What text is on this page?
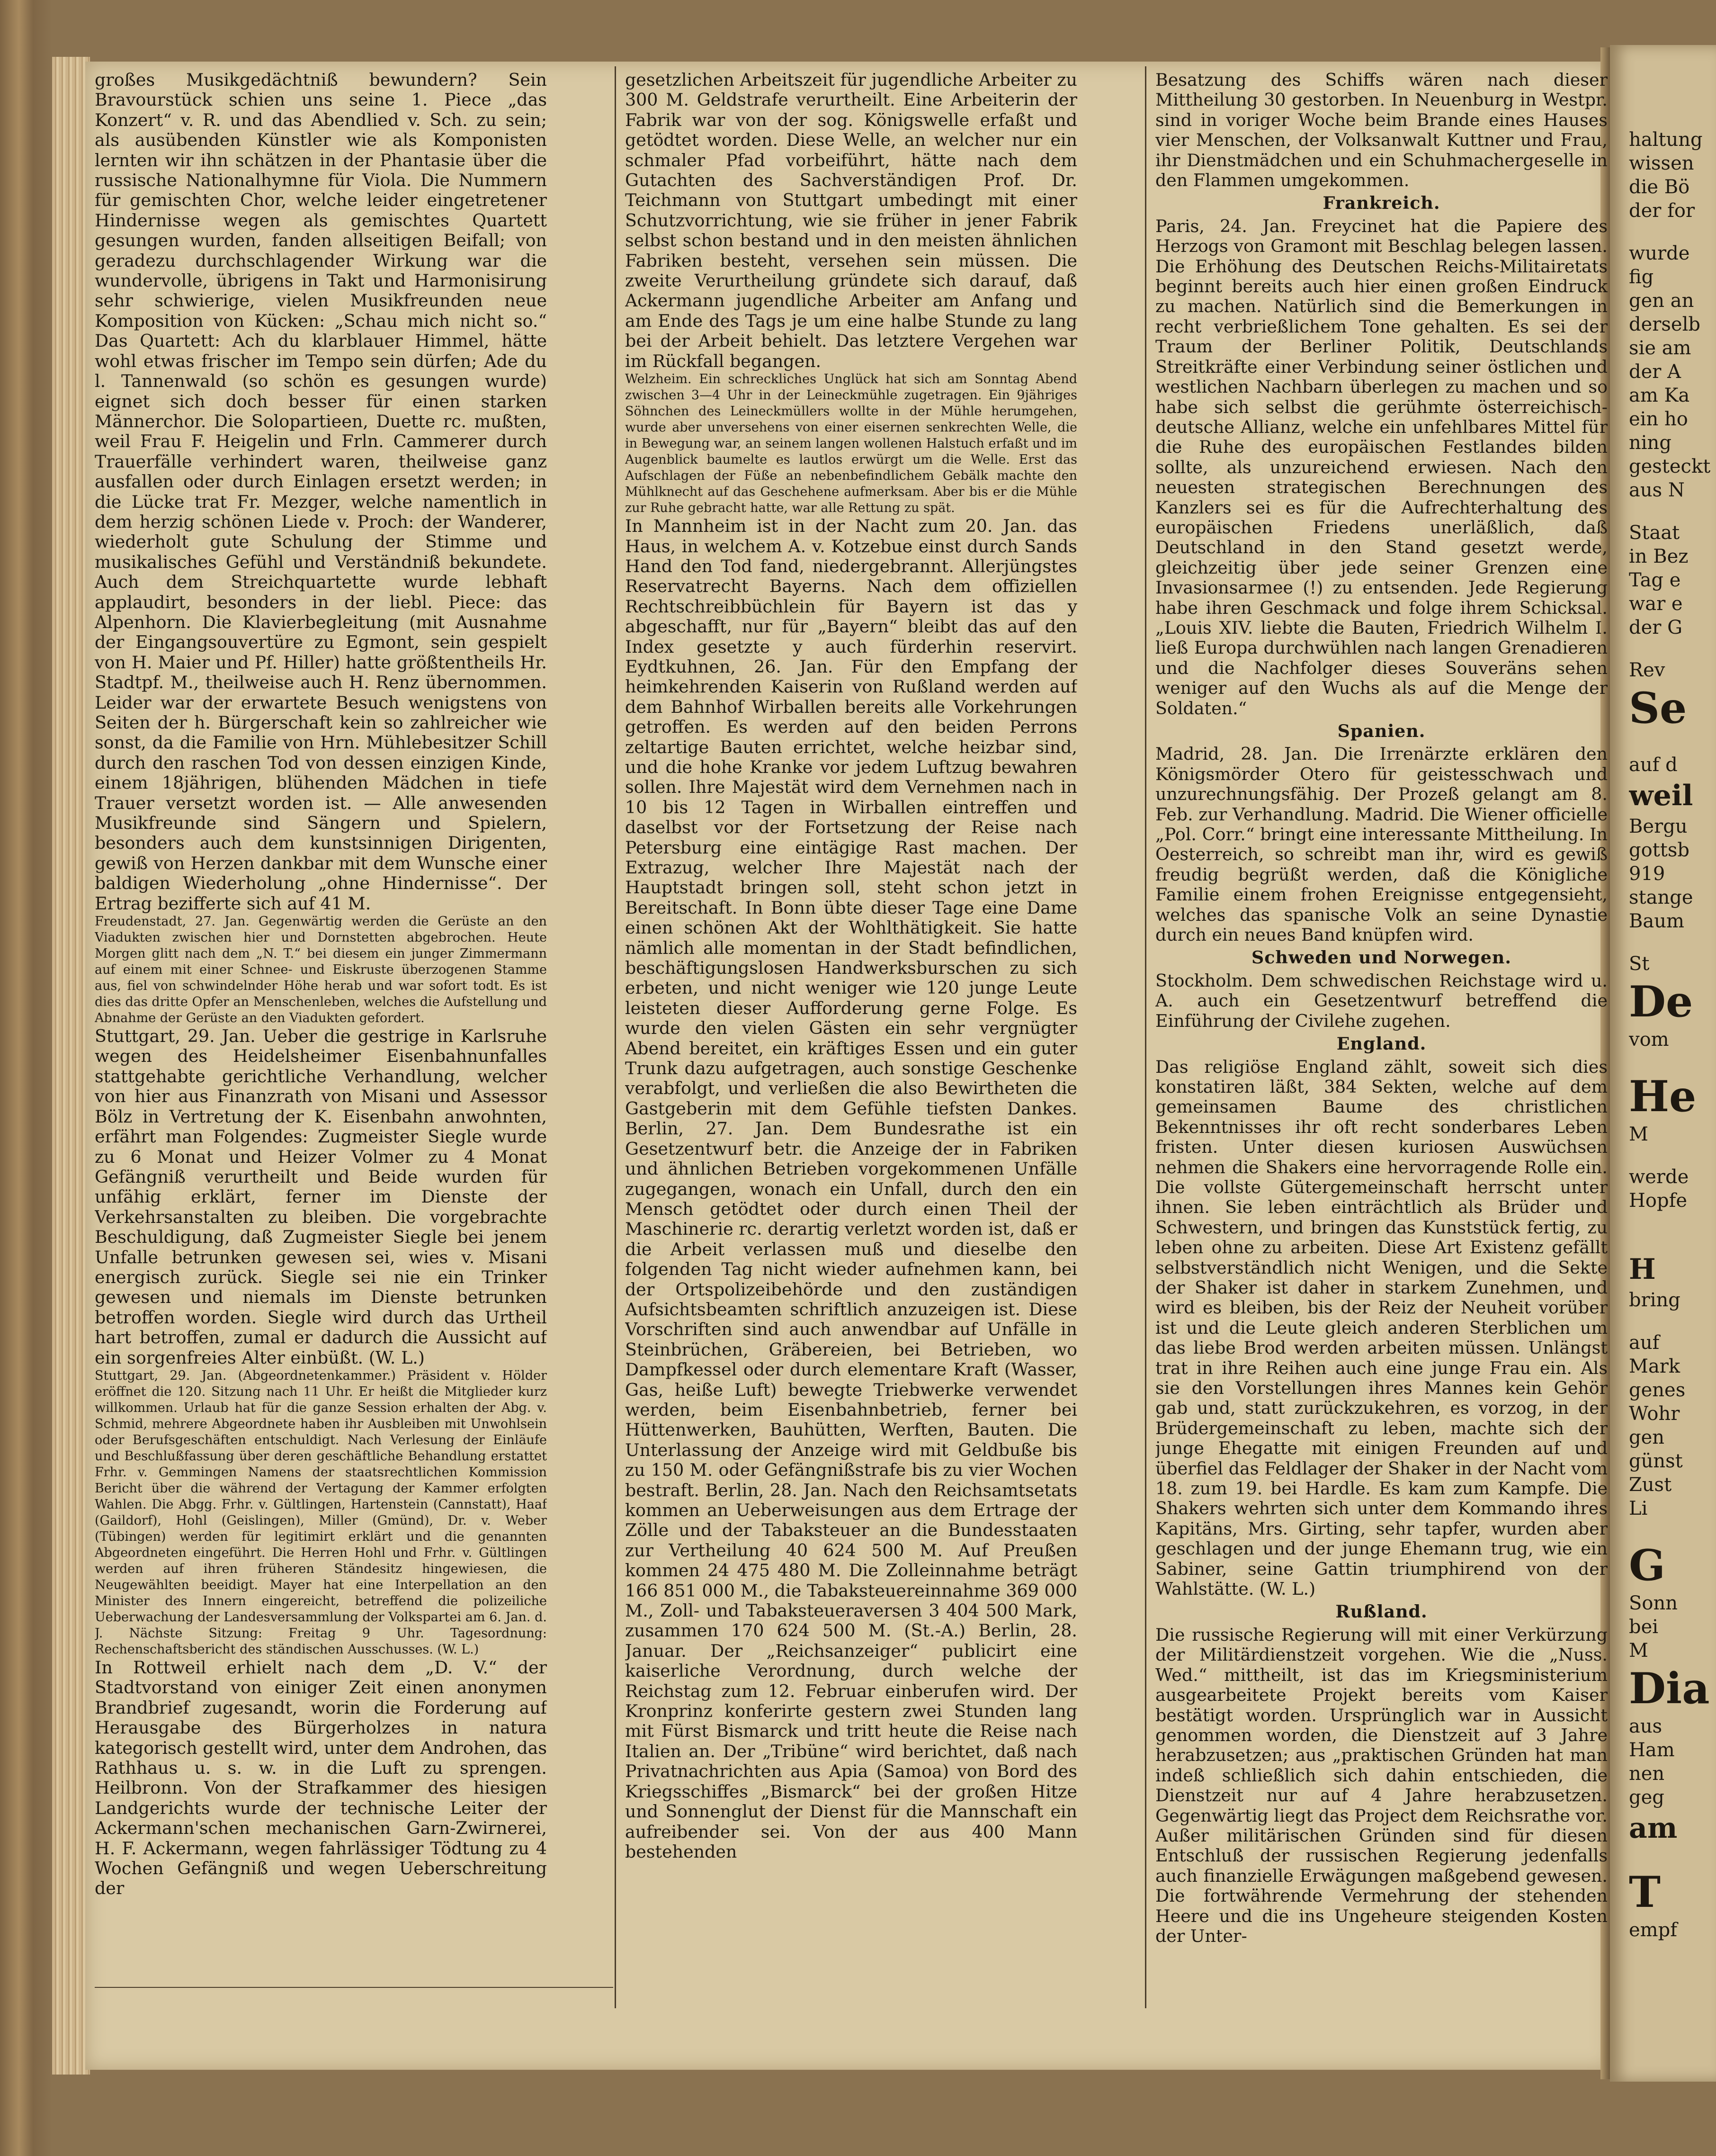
großes Musikgedächtniß bewundern? Sein Bravourstück schien uns seine 1. Piece „das Konzert“ v. R. und das Abendlied v. Sch. zu sein; als ausübenden Künstler wie als Komponisten lernten wir ihn schätzen in der Phantasie über die russische Nationalhymne für Viola. Die Nummern für gemischten Chor, welche leider eingetretener Hindernisse wegen als gemischtes Quartett gesungen wurden, fanden allseitigen Beifall; von geradezu durchschlagender Wirkung war die wundervolle, übrigens in Takt und Harmonisirung sehr schwierige, vielen Musikfreunden neue Komposition von Kücken: „Schau mich nicht so.“ Das Quartett: Ach du klarblauer Himmel, hätte wohl etwas frischer im Tempo sein dürfen; Ade du l. Tannenwald (so schön es gesungen wurde) eignet sich doch besser für einen starken Männerchor. Die Solopartieen, Duette rc. mußten, weil Frau F. Heigelin und Frln. Cammerer durch Trauerfälle verhindert waren, theilweise ganz ausfallen oder durch Einlagen ersetzt werden; in die Lücke trat Fr. Mezger, welche namentlich in dem herzig schönen Liede v. Proch: der Wanderer, wiederholt gute Schulung der Stimme und musikalisches Gefühl und Verständniß bekundete. Auch dem Streichquartette wurde lebhaft applaudirt, besonders in der liebl. Piece: das Alpenhorn. Die Klavierbegleitung (mit Ausnahme der Eingangsouvertüre zu Egmont, sein gespielt von H. Maier und Pf. Hiller) hatte größtentheils Hr. Stadtpf. M., theilweise auch H. Renz übernommen. Leider war der erwartete Besuch wenigstens von Seiten der h. Bürgerschaft kein so zahlreicher wie sonst, da die Familie von Hrn. Mühlebesitzer Schill durch den raschen Tod von dessen einzigen Kinde, einem 18jährigen, blühenden Mädchen in tiefe Trauer versetzt worden ist. — Alle anwesenden Musikfreunde sind Sängern und Spielern, besonders auch dem kunstsinnigen Dirigenten, gewiß von Herzen dankbar mit dem Wunsche einer baldigen Wiederholung „ohne Hindernisse“. Der Ertrag bezifferte sich auf 41 M.
Freudenstadt, 27. Jan. Gegenwärtig werden die Gerüste an den Viadukten zwischen hier und Dornstetten abgebrochen. Heute Morgen glitt nach dem „N. T.“ bei diesem ein junger Zimmermann auf einem mit einer Schnee- und Eiskruste überzogenen Stamme aus, fiel von schwindelnder Höhe herab und war sofort todt. Es ist dies das dritte Opfer an Menschenleben, welches die Aufstellung und Abnahme der Gerüste an den Viadukten gefordert.
Stuttgart, 29. Jan. Ueber die gestrige in Karlsruhe wegen des Heidelsheimer Eisenbahnunfalles stattgehabte gerichtliche Verhandlung, welcher von hier aus Finanzrath von Misani und Assessor Bölz in Vertretung der K. Eisenbahn anwohnten, erfährt man Folgendes: Zugmeister Siegle wurde zu 6 Monat und Heizer Volmer zu 4 Monat Gefängniß verurtheilt und Beide wurden für unfähig erklärt, ferner im Dienste der Verkehrsanstalten zu bleiben. Die vorgebrachte Beschuldigung, daß Zugmeister Siegle bei jenem Unfalle betrunken gewesen sei, wies v. Misani energisch zurück. Siegle sei nie ein Trinker gewesen und niemals im Dienste betrunken betroffen worden. Siegle wird durch das Urtheil hart betroffen, zumal er dadurch die Aussicht auf ein sorgenfreies Alter einbüßt. (W. L.)
Stuttgart, 29. Jan. (Abgeordnetenkammer.) Präsident v. Hölder eröffnet die 120. Sitzung nach 11 Uhr. Er heißt die Mitglieder kurz willkommen. Urlaub hat für die ganze Session erhalten der Abg. v. Schmid, mehrere Abgeordnete haben ihr Ausbleiben mit Unwohlsein oder Berufsgeschäften entschuldigt. Nach Verlesung der Einläufe und Beschlußfassung über deren geschäftliche Behandlung erstattet Frhr. v. Gemmingen Namens der staatsrechtlichen Kommission Bericht über die während der Vertagung der Kammer erfolgten Wahlen. Die Abgg. Frhr. v. Gültlingen, Hartenstein (Cannstatt), Haaf (Gaildorf), Hohl (Geislingen), Miller (Gmünd), Dr. v. Weber (Tübingen) werden für legitimirt erklärt und die genannten Abgeordneten eingeführt. Die Herren Hohl und Frhr. v. Gültlingen werden auf ihren früheren Ständesitz hingewiesen, die Neugewählten beeidigt. Mayer hat eine Interpellation an den Minister des Innern eingereicht, betreffend die polizeiliche Ueberwachung der Landesversammlung der Volkspartei am 6. Jan. d. J. Nächste Sitzung: Freitag 9 Uhr. Tagesordnung: Rechenschaftsbericht des ständischen Ausschusses. (W. L.)
In Rottweil erhielt nach dem „D. V.“ der Stadtvorstand von einiger Zeit einen anonymen Brandbrief zugesandt, worin die Forderung auf Herausgabe des Bürgerholzes in natura kategorisch gestellt wird, unter dem Androhen, das Rathhaus u. s. w. in die Luft zu sprengen. Heilbronn. Von der Strafkammer des hiesigen Landgerichts wurde der technische Leiter der Ackermann'schen mechanischen Garn-Zwirnerei, H. F. Ackermann, wegen fahrlässiger Tödtung zu 4 Wochen Gefängniß und wegen Ueberschreitung der
gesetzlichen Arbeitszeit für jugendliche Arbeiter zu 300 M. Geldstrafe verurtheilt. Eine Arbeiterin der Fabrik war von der sog. Königswelle erfaßt und getödtet worden. Diese Welle, an welcher nur ein schmaler Pfad vorbeiführt, hätte nach dem Gutachten des Sachverständigen Prof. Dr. Teichmann von Stuttgart umbedingt mit einer Schutzvorrichtung, wie sie früher in jener Fabrik selbst schon bestand und in den meisten ähnlichen Fabriken besteht, versehen sein müssen. Die zweite Verurtheilung gründete sich darauf, daß Ackermann jugendliche Arbeiter am Anfang und am Ende des Tags je um eine halbe Stunde zu lang bei der Arbeit behielt. Das letztere Vergehen war im Rückfall begangen.
Welzheim. Ein schreckliches Unglück hat sich am Sonntag Abend zwischen 3—4 Uhr in der Leineckmühle zugetragen. Ein 9jähriges Söhnchen des Leineckmüllers wollte in der Mühle herumgehen, wurde aber unversehens von einer eisernen senkrechten Welle, die in Bewegung war, an seinem langen wollenen Halstuch erfaßt und im Augenblick baumelte es lautlos erwürgt um die Welle. Erst das Aufschlagen der Füße an nebenbefindlichem Gebälk machte den Mühlknecht auf das Geschehene aufmerksam. Aber bis er die Mühle zur Ruhe gebracht hatte, war alle Rettung zu spät.
In Mannheim ist in der Nacht zum 20. Jan. das Haus, in welchem A. v. Kotzebue einst durch Sands Hand den Tod fand, niedergebrannt. Allerjüngstes Reservatrecht Bayerns. Nach dem offiziellen Rechtschreibbüchlein für Bayern ist das y abgeschafft, nur für „Bayern“ bleibt das auf den Index gesetzte y auch fürderhin reservirt. Eydtkuhnen, 26. Jan. Für den Empfang der heimkehrenden Kaiserin von Rußland werden auf dem Bahnhof Wirballen bereits alle Vorkehrungen getroffen. Es werden auf den beiden Perrons zeltartige Bauten errichtet, welche heizbar sind, und die hohe Kranke vor jedem Luftzug bewahren sollen. Ihre Majestät wird dem Vernehmen nach in 10 bis 12 Tagen in Wirballen eintreffen und daselbst vor der Fortsetzung der Reise nach Petersburg eine eintägige Rast machen. Der Extrazug, welcher Ihre Majestät nach der Hauptstadt bringen soll, steht schon jetzt in Bereitschaft. In Bonn übte dieser Tage eine Dame einen schönen Akt der Wohlthätigkeit. Sie hatte nämlich alle momentan in der Stadt befindlichen, beschäftigungslosen Handwerksburschen zu sich erbeten, und nicht weniger wie 120 junge Leute leisteten dieser Aufforderung gerne Folge. Es wurde den vielen Gästen ein sehr vergnügter Abend bereitet, ein kräftiges Essen und ein guter Trunk dazu aufgetragen, auch sonstige Geschenke verabfolgt, und verließen die also Bewirtheten die Gastgeberin mit dem Gefühle tiefsten Dankes. Berlin, 27. Jan. Dem Bundesrathe ist ein Gesetzentwurf betr. die Anzeige der in Fabriken und ähnlichen Betrieben vorgekommenen Unfälle zugegangen, wonach ein Unfall, durch den ein Mensch getödtet oder durch einen Theil der Maschinerie rc. derartig verletzt worden ist, daß er die Arbeit verlassen muß und dieselbe den folgenden Tag nicht wieder aufnehmen kann, bei der Ortspolizeibehörde und den zuständigen Aufsichtsbeamten schriftlich anzuzeigen ist. Diese Vorschriften sind auch anwendbar auf Unfälle in Steinbrüchen, Gräbereien, bei Betrieben, wo Dampfkessel oder durch elementare Kraft (Wasser, Gas, heiße Luft) bewegte Triebwerke verwendet werden, beim Eisenbahnbetrieb, ferner bei Hüttenwerken, Bauhütten, Werften, Bauten. Die Unterlassung der Anzeige wird mit Geldbuße bis zu 150 M. oder Gefängnißstrafe bis zu vier Wochen bestraft. Berlin, 28. Jan. Nach den Reichsamtsetats kommen an Ueberweisungen aus dem Ertrage der Zölle und der Tabaksteuer an die Bundesstaaten zur Vertheilung 40 624 500 M. Auf Preußen kommen 24 475 480 M. Die Zolleinnahme beträgt 166 851 000 M., die Tabaksteuereinnahme 369 000 M., Zoll- und Tabaksteueraversen 3 404 500 Mark, zusammen 170 624 500 M. (St.-A.) Berlin, 28. Januar. Der „Reichsanzeiger“ publicirt eine kaiserliche Verordnung, durch welche der Reichstag zum 12. Februar einberufen wird. Der Kronprinz konferirte gestern zwei Stunden lang mit Fürst Bismarck und tritt heute die Reise nach Italien an. Der „Tribüne“ wird berichtet, daß nach Privatnachrichten aus Apia (Samoa) von Bord des Kriegsschiffes „Bismarck“ bei der großen Hitze und Sonnenglut der Dienst für die Mannschaft ein aufreibender sei. Von der aus 400 Mann bestehenden
Besatzung des Schiffs wären nach dieser Mittheilung 30 gestorben. In Neuenburg in Westpr. sind in voriger Woche beim Brande eines Hauses vier Menschen, der Volksanwalt Kuttner und Frau, ihr Dienstmädchen und ein Schuhmachergeselle in den Flammen umgekommen.
Frankreich.
Paris, 24. Jan. Freycinet hat die Papiere des Herzogs von Gramont mit Beschlag belegen lassen. Die Erhöhung des Deutschen Reichs-Militairetats beginnt bereits auch hier einen großen Eindruck zu machen. Natürlich sind die Bemerkungen in recht verbrießlichem Tone gehalten. Es sei der Traum der Berliner Politik, Deutschlands Streitkräfte einer Verbindung seiner östlichen und westlichen Nachbarn überlegen zu machen und so habe sich selbst die gerühmte österreichisch-deutsche Allianz, welche ein unfehlbares Mittel für die Ruhe des europäischen Festlandes bilden sollte, als unzureichend erwiesen. Nach den neuesten strategischen Berechnungen des Kanzlers sei es für die Aufrechterhaltung des europäischen Friedens unerläßlich, daß Deutschland in den Stand gesetzt werde, gleichzeitig über jede seiner Grenzen eine Invasionsarmee (!) zu entsenden. Jede Regierung habe ihren Geschmack und folge ihrem Schicksal. „Louis XIV. liebte die Bauten, Friedrich Wilhelm I. ließ Europa durchwühlen nach langen Grenadieren und die Nachfolger dieses Souveräns sehen weniger auf den Wuchs als auf die Menge der Soldaten.“
Spanien.
Madrid, 28. Jan. Die Irrenärzte erklären den Königsmörder Otero für geistesschwach und unzurechnungsfähig. Der Prozeß gelangt am 8. Feb. zur Verhandlung. Madrid. Die Wiener officielle „Pol. Corr.“ bringt eine interessante Mittheilung. In Oesterreich, so schreibt man ihr, wird es gewiß freudig begrüßt werden, daß die Königliche Familie einem frohen Ereignisse entgegensieht, welches das spanische Volk an seine Dynastie durch ein neues Band knüpfen wird.
Schweden und Norwegen.
Stockholm. Dem schwedischen Reichstage wird u. A. auch ein Gesetzentwurf betreffend die Einführung der Civilehe zugehen.
England.
Das religiöse England zählt, soweit sich dies konstatiren läßt, 384 Sekten, welche auf dem gemeinsamen Baume des christlichen Bekenntnisses ihr oft recht sonderbares Leben fristen. Unter diesen kuriosen Auswüchsen nehmen die Shakers eine hervorragende Rolle ein. Die vollste Gütergemeinschaft herrscht unter ihnen. Sie leben einträchtlich als Brüder und Schwestern, und bringen das Kunststück fertig, zu leben ohne zu arbeiten. Diese Art Existenz gefällt selbstverständlich nicht Wenigen, und die Sekte der Shaker ist daher in starkem Zunehmen, und wird es bleiben, bis der Reiz der Neuheit vorüber ist und die Leute gleich anderen Sterblichen um das liebe Brod werden arbeiten müssen. Unlängst trat in ihre Reihen auch eine junge Frau ein. Als sie den Vorstellungen ihres Mannes kein Gehör gab und, statt zurückzukehren, es vorzog, in der Brüdergemeinschaft zu leben, machte sich der junge Ehegatte mit einigen Freunden auf und überfiel das Feldlager der Shaker in der Nacht vom 18. zum 19. bei Hardle. Es kam zum Kampfe. Die Shakers wehrten sich unter dem Kommando ihres Kapitäns, Mrs. Girting, sehr tapfer, wurden aber geschlagen und der junge Ehemann trug, wie ein Sabiner, seine Gattin triumphirend von der Wahlstätte. (W. L.)
Rußland.
Die russische Regierung will mit einer Verkürzung der Militärdienstzeit vorgehen. Wie die „Nuss. Wed.“ mittheilt, ist das im Kriegsministerium ausgearbeitete Projekt bereits vom Kaiser bestätigt worden. Ursprünglich war in Aussicht genommen worden, die Dienstzeit auf 3 Jahre herabzusetzen; aus „praktischen Gründen hat man indeß schließlich sich dahin entschieden, die Dienstzeit nur auf 4 Jahre herabzusetzen. Gegenwärtig liegt das Project dem Reichsrathe vor. Außer militärischen Gründen sind für diesen Entschluß der russischen Regierung jedenfalls auch finanzielle Erwägungen maßgebend gewesen. Die fortwährende Vermehrung der stehenden Heere und die ins Ungeheure steigenden Kosten der Unter-
haltung
wissen
die Bö
der for
wurde
fig
gen an
derselb
sie am
der A
am Ka
ein ho
ning
gesteckt
aus N
Staat
in Bez
Tag e
war e
der G
Rev
Se
auf d
weil
Bergu
gottsb
919
stange
Baum
St
De
vom
He
M
werde
Hopfe
H
bring
auf
Mark
genes
Wohr
gen
günst
Zust
Li
G
Sonn
bei
M
Dia
aus
Ham
nen
geg
am
T
empf
